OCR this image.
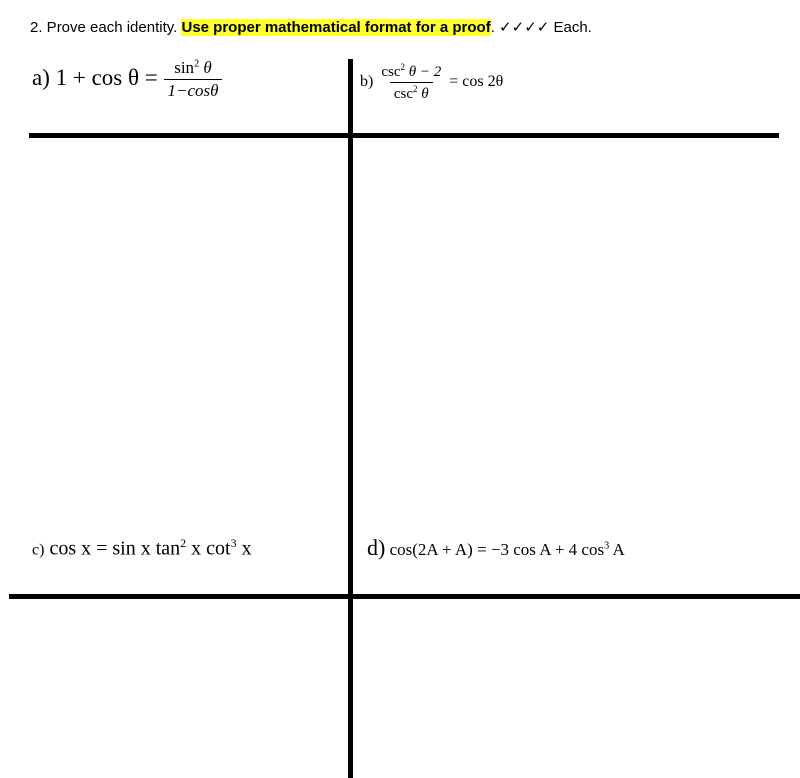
2. Prove each identity. Use proper mathematical format for a proof. ✓✓✓✓ Each.
a) $1 + \cos \theta = \frac{\sin^2 \theta}{1-\cos\theta}$	$b) \frac{\csc^2 \theta - 2}{\csc^2 \theta} = \cos 2\theta$
c) cos x = sin x $\tan^2 x$ $\cot^3 x$	d) cos(2A + A) = −3 cos A + 4 $\cos^3 A$
